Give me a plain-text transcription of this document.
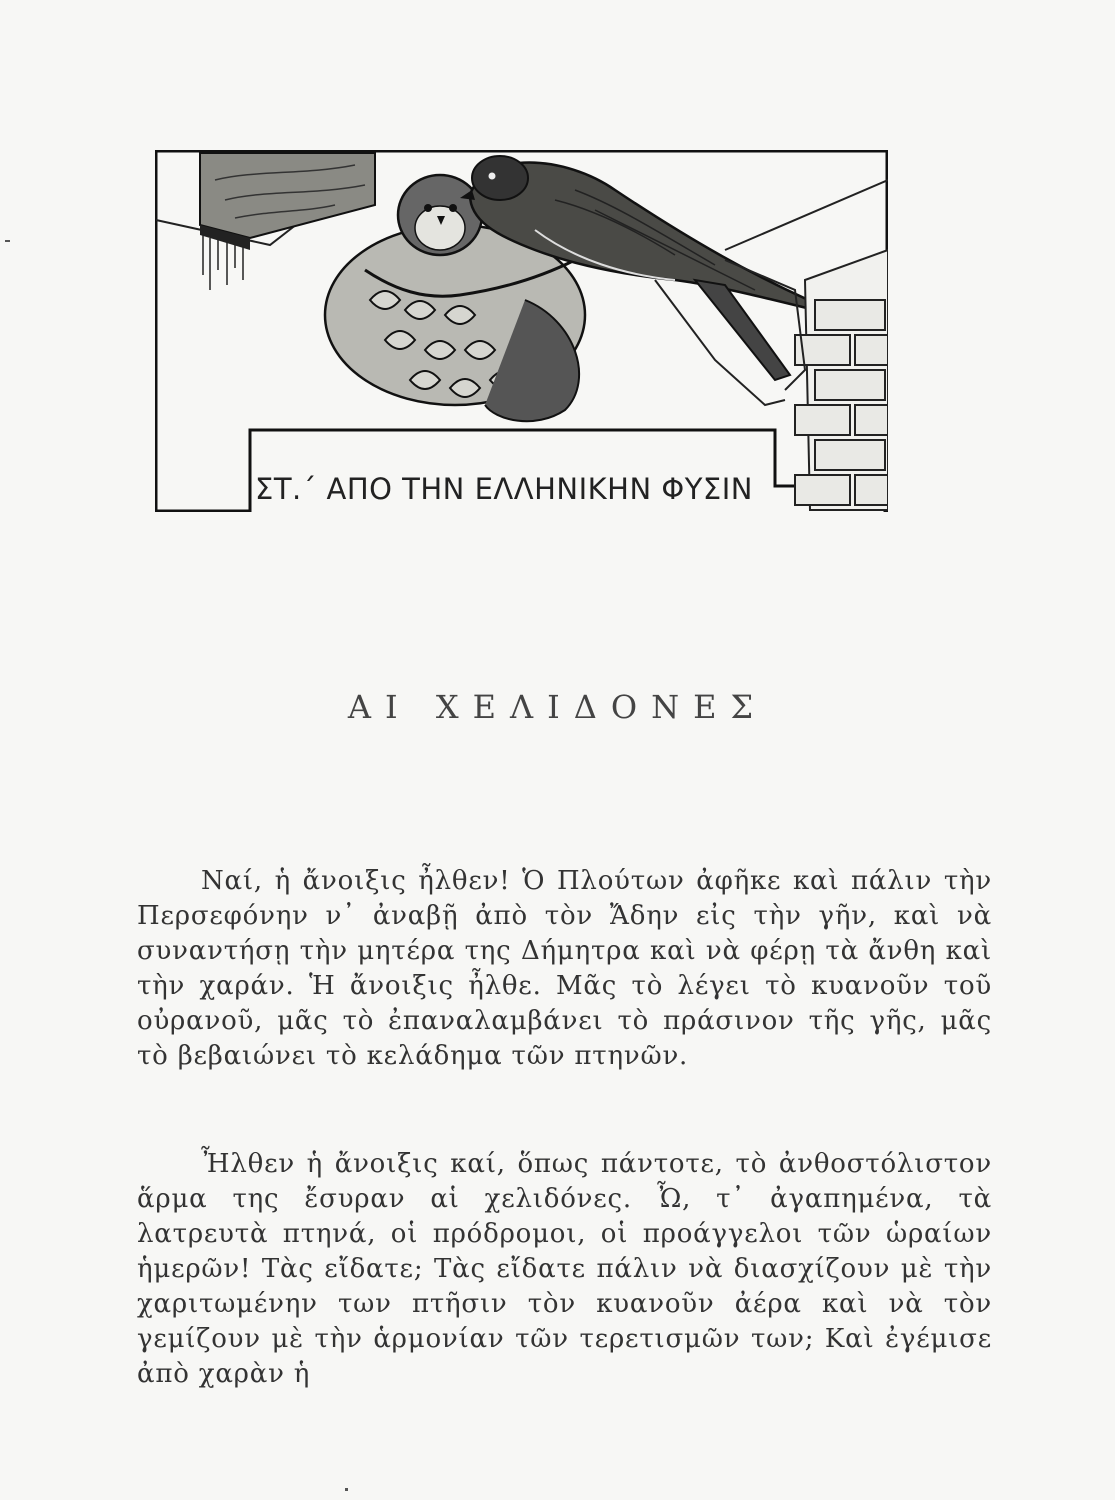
ΣΤ.΄ ΑΠΟ ΤΗΝ ΕΛΛΗΝΙΚΗΝ ΦΥΣΙΝ
ΑΙ ΧΕΛΙΔΟΝΕΣ

Ναί, ἡ ἄνοιξις ἦλθεν! Ὁ Πλούτων ἀφῆκε καὶ πάλιν τὴν Περσεφόνην ν᾽ ἀναβῇ ἀπὸ τὸν Ἄδην εἰς τὴν γῆν, καὶ νὰ συναντήσῃ τὴν μητέρα της Δήμητρα καὶ νὰ φέρῃ τὰ ἄνθη καὶ τὴν χαράν. Ἡ ἄνοιξις ἦλθε. Μᾶς τὸ λέγει τὸ κυανοῦν τοῦ οὐρανοῦ, μᾶς τὸ ἐπαναλαμβάνει τὸ πράσινον τῆς γῆς, μᾶς τὸ βεβαιώνει τὸ κελάδημα τῶν πτηνῶν.

Ἦλθεν ἡ ἄνοιξις καί, ὅπως πάντοτε, τὸ ἀνθοστόλιστον ἅρμα της ἔσυραν αἱ χελιδόνες. Ὦ, τ᾽ ἀγαπημένα, τὰ λατρευτὰ πτηνά, οἱ πρόδρομοι, οἱ προάγγελοι τῶν ὡραίων ἡμερῶν! Τὰς εἴδατε; Τὰς εἴδατε πάλιν νὰ διασχίζουν μὲ τὴν χαριτωμένην των πτῆσιν τὸν κυανοῦν ἀέρα καὶ νὰ τὸν γεμίζουν μὲ τὴν ἁρμονίαν τῶν τερετισμῶν των; Καὶ ἐγέμισε ἀπὸ χαρὰν ἡ
